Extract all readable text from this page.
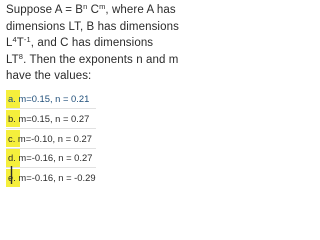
Suppose $A = B^n$ $C^m$, where A has
dimensions LT, B has dimensions
$L^4T^{-1}$, and C has dimensions
$LT^8$. Then the exponents n and m
have the values:
a. m=0.15, n = 0.21
b. m=0.15, n = 0.27
c. m=-0.10, n = 0.27
d. m=-0.16, n = 0.27
e. m=-0.16, n = -0.29
